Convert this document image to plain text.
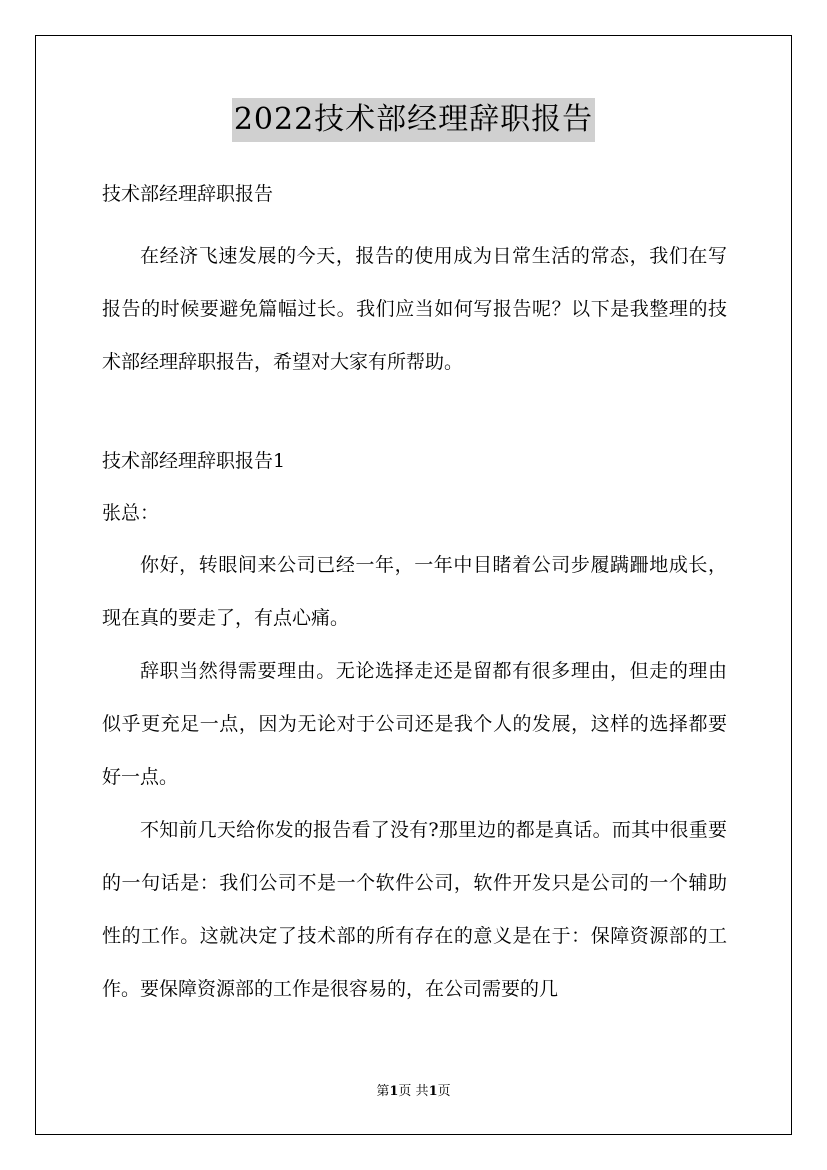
2022技术部经理辞职报告
技术部经理辞职报告

在经济飞速发展的今天，报告的使用成为日常生活的常态，我们在写报告的时候要避免篇幅过长。我们应当如何写报告呢？以下是我整理的技术部经理辞职报告，希望对大家有所帮助。

技术部经理辞职报告1
张总：

你好，转眼间来公司已经一年，一年中目睹着公司步履蹒跚地成长，现在真的要走了，有点心痛。

辞职当然得需要理由。无论选择走还是留都有很多理由，但走的理由似乎更充足一点，因为无论对于公司还是我个人的发展，这样的选择都要好一点。

不知前几天给你发的报告看了没有?那里边的都是真话。而其中很重要的一句话是：我们公司不是一个软件公司，软件开发只是公司的一个辅助性的工作。这就决定了技术部的所有存在的意义是在于：保障资源部的工作。要保障资源部的工作是很容易的，在公司需要的几

第1页 共1页
